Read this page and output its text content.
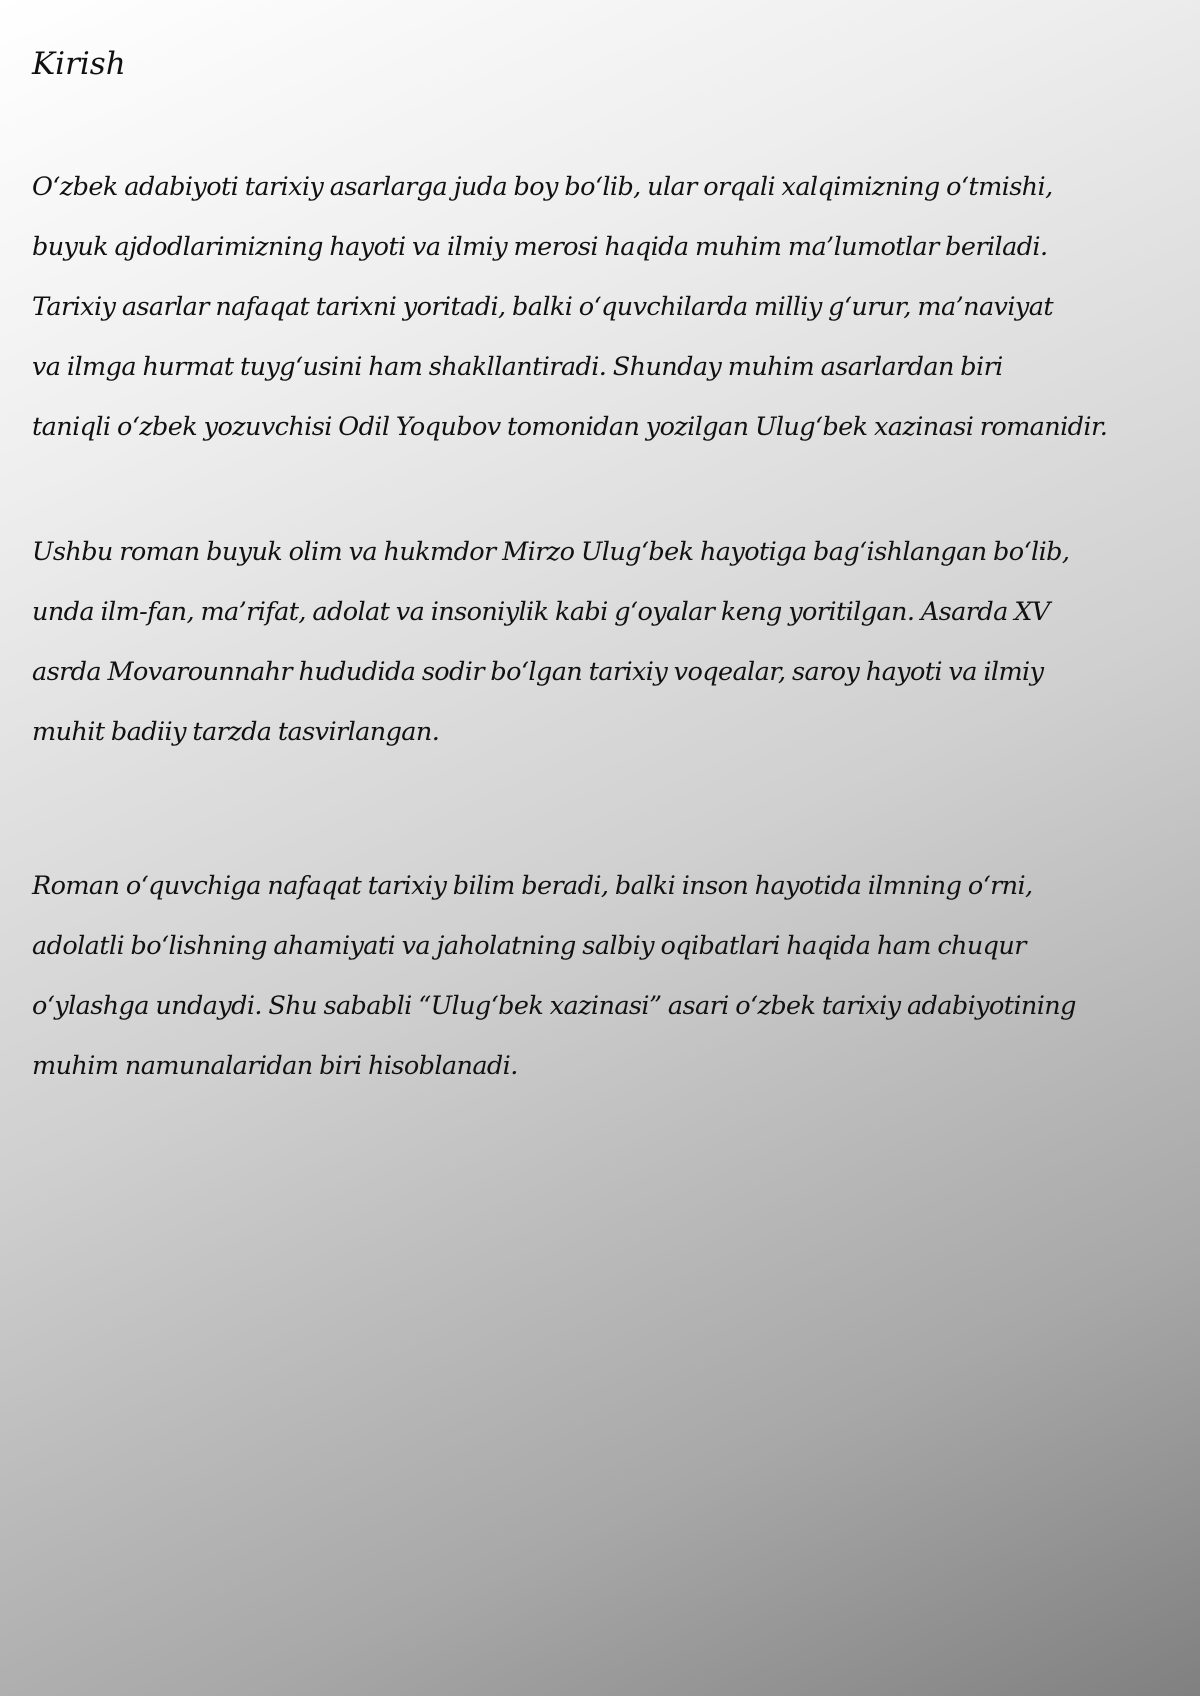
Kirish
O‘zbek adabiyoti tarixiy asarlarga juda boy bo‘lib, ular orqali xalqimizning o‘tmishi,
buyuk ajdodlarimizning hayoti va ilmiy merosi haqida muhim ma’lumotlar beriladi.
Tarixiy asarlar nafaqat tarixni yoritadi, balki o‘quvchilarda milliy g‘urur, ma’naviyat
va ilmga hurmat tuyg‘usini ham shakllantiradi. Shunday muhim asarlardan biri
taniqli o‘zbek yozuvchisi Odil Yoqubov tomonidan yozilgan Ulug‘bek xazinasi romanidir.
Ushbu roman buyuk olim va hukmdor Mirzo Ulug‘bek hayotiga bag‘ishlangan bo‘lib,
unda ilm-fan, ma’rifat, adolat va insoniylik kabi g‘oyalar keng yoritilgan. Asarda XV
asrda Movarounnahr hududida sodir bo‘lgan tarixiy voqealar, saroy hayoti va ilmiy
muhit badiiy tarzda tasvirlangan.
Roman o‘quvchiga nafaqat tarixiy bilim beradi, balki inson hayotida ilmning o‘rni,
adolatli bo‘lishning ahamiyati va jaholatning salbiy oqibatlari haqida ham chuqur
o‘ylashga undaydi. Shu sababli “Ulug‘bek xazinasi” asari o‘zbek tarixiy adabiyotining
muhim namunalaridan biri hisoblanadi.
